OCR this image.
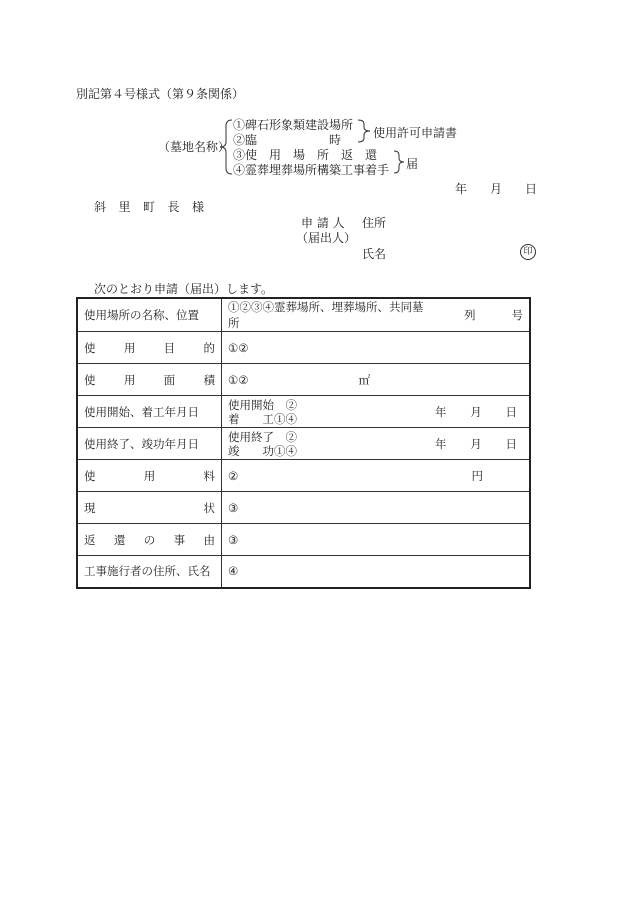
別記第４号様式（第９条関係）
（墓地名称）
①碑石形象類建設場所
②臨　　　　　　時
③使　用　場　所　返　還
④霊葬埋葬場所構築工事着手
使用許可申請書
届
年 月 日
斜 里 町 長 様
申 請 人 住所
（届出人）
氏名	印
次のとおり申請（届出）します。
使用場所の名称、位置	①②③④霊葬場所、埋葬場所、共同墓所
列 号

使 用 目 的	①②

使 用 面 積	①② ㎡

使用開始、着工年月日	使用開始　②
着　　工①④ 年 月 日

使用終了、竣功年月日	使用終了　②
竣　　功①④ 年 月 日

使 用 料	② 円

現 状	③

返 還 の 事 由	③
工事施行者の住所、氏名	④
